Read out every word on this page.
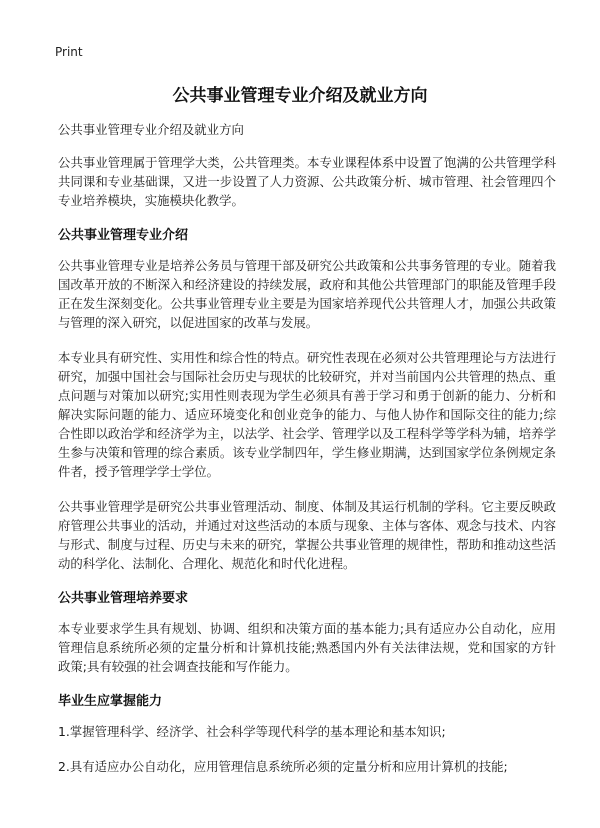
Print
公共事业管理专业介绍及就业方向

公共事业管理专业介绍及就业方向

公共事业管理属于管理学大类，公共管理类。本专业课程体系中设置了饱满的公共管理学科共同课和专业基础课，又进一步设置了人力资源、公共政策分析、城市管理、社会管理四个专业培养模块，实施模块化教学。

公共事业管理专业介绍

公共事业管理专业是培养公务员与管理干部及研究公共政策和公共事务管理的专业。随着我国改革开放的不断深入和经济建设的持续发展，政府和其他公共管理部门的职能及管理手段正在发生深刻变化。公共事业管理专业主要是为国家培养现代公共管理人才，加强公共政策与管理的深入研究，以促进国家的改革与发展。

本专业具有研究性、实用性和综合性的特点。研究性表现在必须对公共管理理论与方法进行研究，加强中国社会与国际社会历史与现状的比较研究，并对当前国内公共管理的热点、重点问题与对策加以研究;实用性则表现为学生必须具有善于学习和勇于创新的能力、分析和解决实际问题的能力、适应环境变化和创业竞争的能力、与他人协作和国际交往的能力;综合性即以政治学和经济学为主，以法学、社会学、管理学以及工程科学等学科为辅，培养学生参与决策和管理的综合素质。该专业学制四年，学生修业期满，达到国家学位条例规定条件者，授予管理学学士学位。

公共事业管理学是研究公共事业管理活动、制度、体制及其运行机制的学科。它主要反映政府管理公共事业的活动，并通过对这些活动的本质与现象、主体与客体、观念与技术、内容与形式、制度与过程、历史与未来的研究，掌握公共事业管理的规律性，帮助和推动这些活动的科学化、法制化、合理化、规范化和时代化进程。

公共事业管理培养要求

本专业要求学生具有规划、协调、组织和决策方面的基本能力;具有适应办公自动化，应用管理信息系统所必须的定量分析和计算机技能;熟悉国内外有关法律法规，党和国家的方针政策;具有较强的社会调查技能和写作能力。

毕业生应掌握能力

1.掌握管理科学、经济学、社会科学等现代科学的基本理论和基本知识;

2.具有适应办公自动化，应用管理信息系统所必须的定量分析和应用计算机的技能;
